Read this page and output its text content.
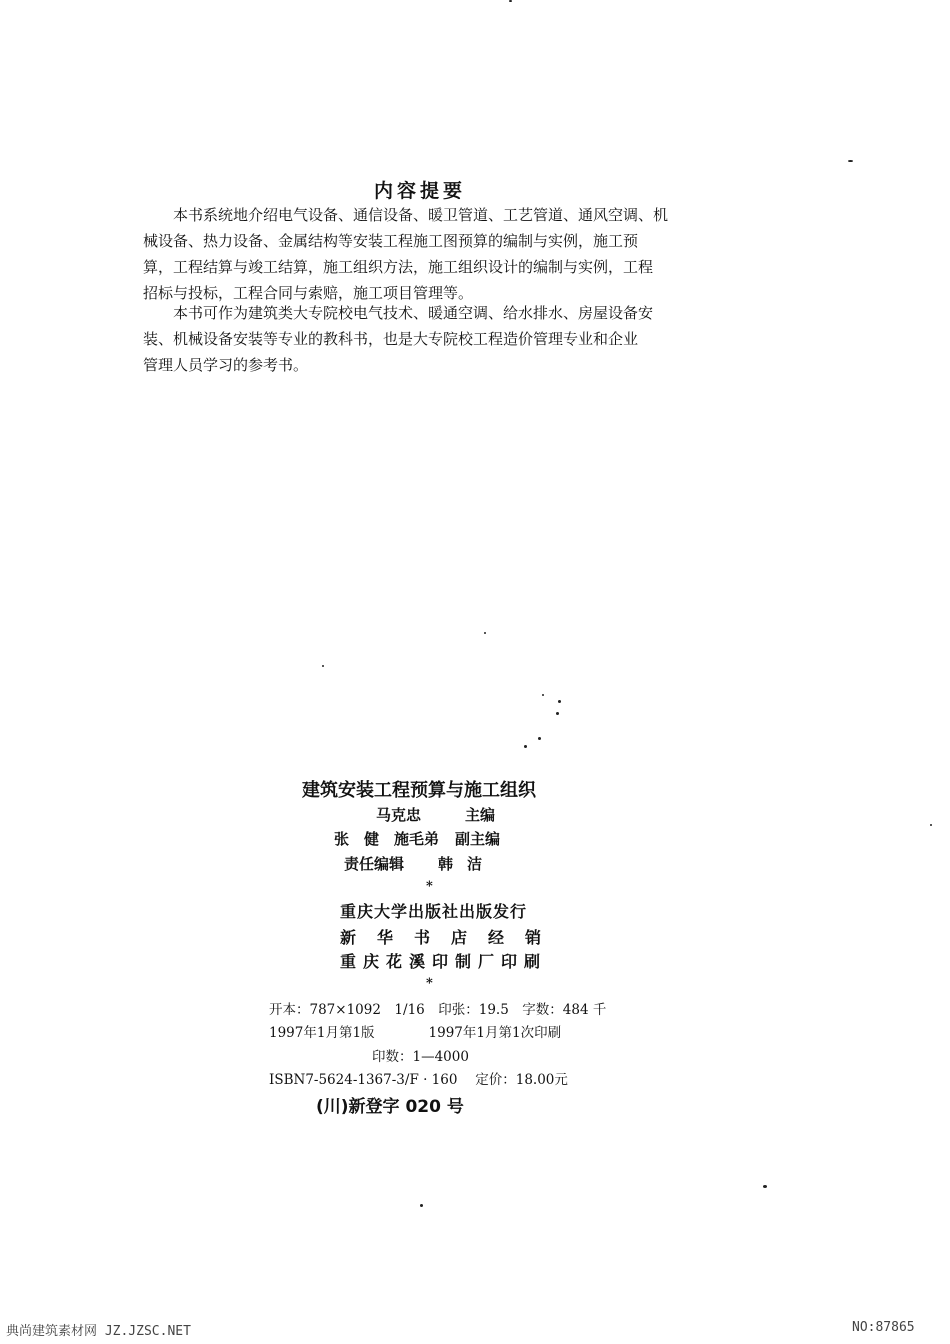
内容提要
本书系统地介绍电气设备、通信设备、暖卫管道、工艺管道、通风空调、机
械设备、热力设备、金属结构等安装工程施工图预算的编制与实例，施工预
算，工程结算与竣工结算，施工组织方法，施工组织设计的编制与实例，工程
招标与投标，工程合同与索赔，施工项目管理等。
本书可作为建筑类大专院校电气技术、暖通空调、给水排水、房屋设备安
装、机械设备安装等专业的教科书，也是大专院校工程造价管理专业和企业
管理人员学习的参考书。
建筑安装工程预算与施工组织
马克忠	主编
张　健　施毛弟 副主编
责任编辑 韩洁
*
重庆大学出版社出版发行
新华书店经销
重庆花溪印制厂印刷
*
开本：787×1092　1/16　印张：19.5　字数：484 千
1997年1月第1版　　　　1997年1月第1次印刷
印数：1—4000
ISBN7-5624-1367-3/F · 160　 定价：18.00元
(川)新登字 020 号
典尚建筑素材网 JZ.JZSC.NET	NO:87865
